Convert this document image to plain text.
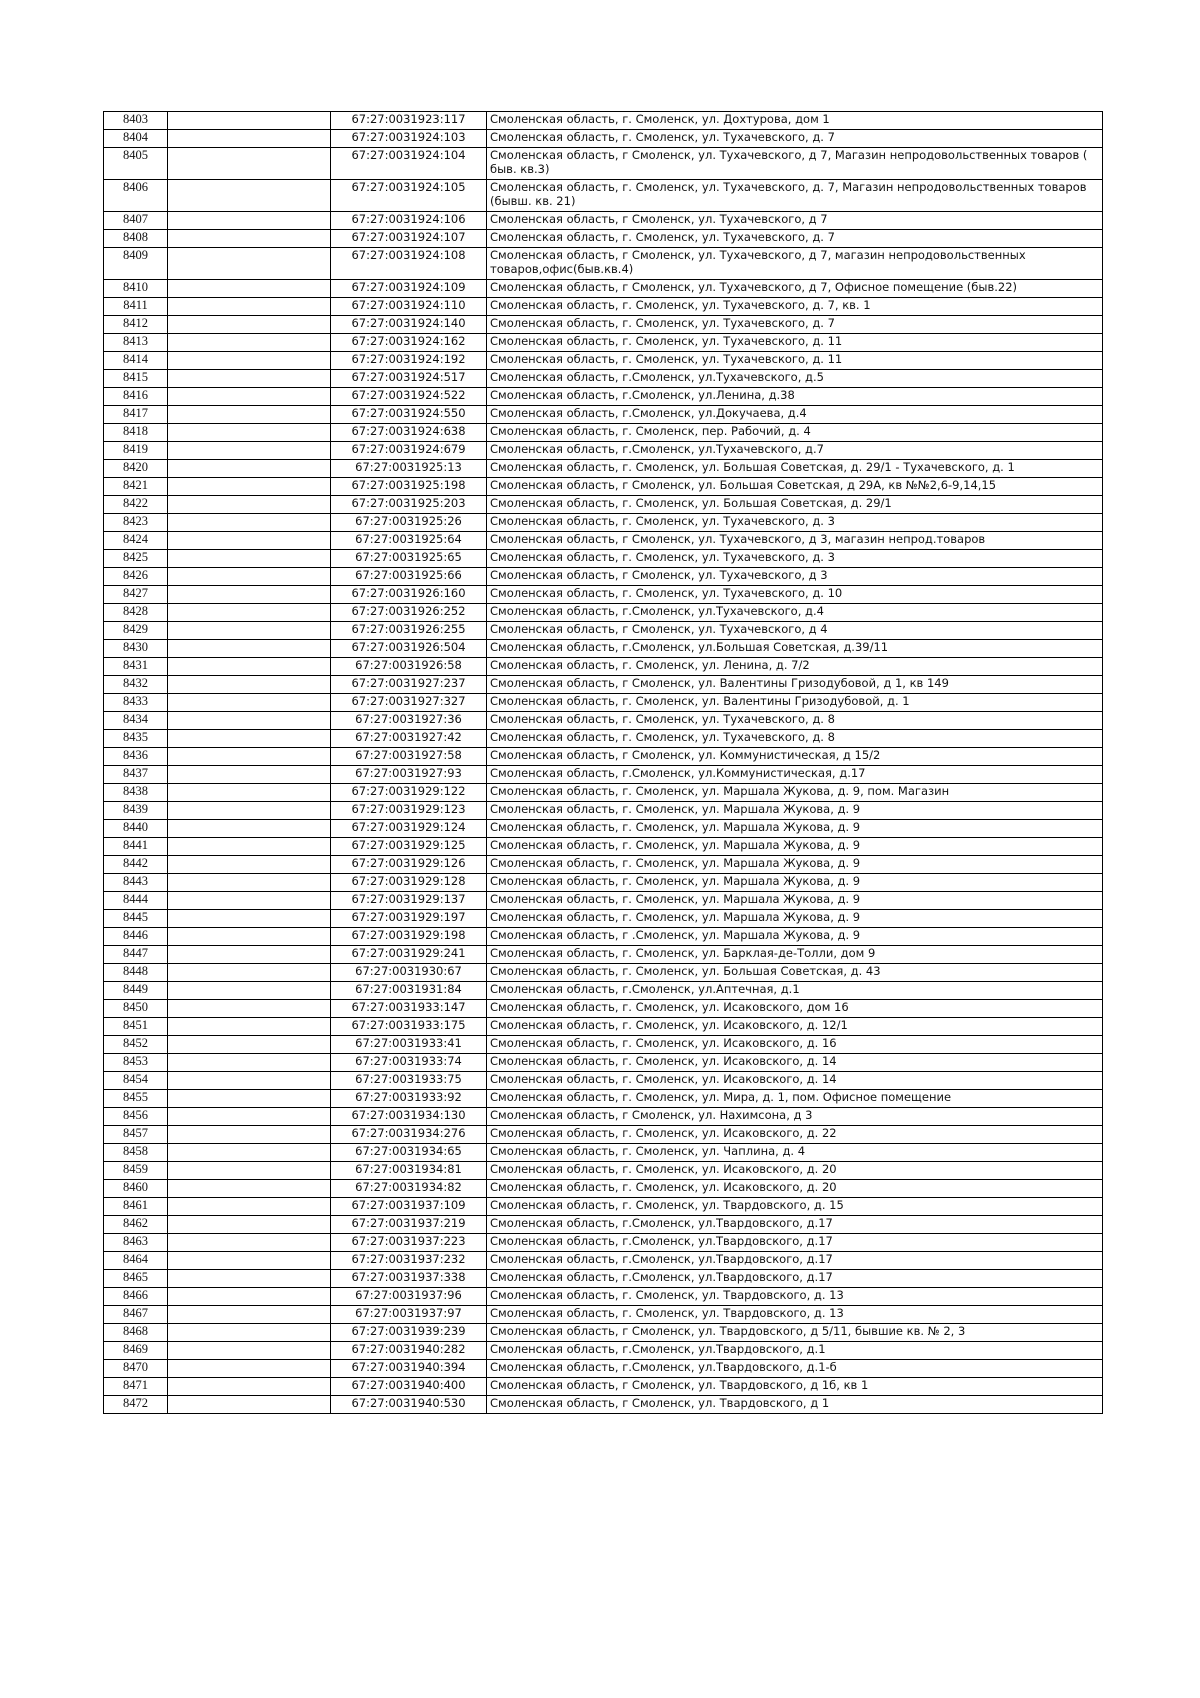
8403		67:27:0031923:117	Смоленская область, г. Смоленск, ул. Дохтурова, дом 1
8404		67:27:0031924:103	Смоленская область, г. Смоленск, ул. Тухачевского, д. 7
8405		67:27:0031924:104	Смоленская область, г Смоленск, ул. Тухачевского, д 7, Магазин непродовольственных товаров ( быв. кв.3)
8406		67:27:0031924:105	Смоленская область, г. Смоленск, ул. Тухачевского, д. 7, Магазин непродовольственных товаров (бывш. кв. 21)
8407		67:27:0031924:106	Смоленская область, г Смоленск, ул. Тухачевского, д 7
8408		67:27:0031924:107	Смоленская область, г. Смоленск, ул. Тухачевского, д. 7
8409		67:27:0031924:108	Смоленская область, г Смоленск, ул. Тухачевского, д 7, магазин непродовольственных товаров,офис(быв.кв.4)
8410		67:27:0031924:109	Смоленская область, г Смоленск, ул. Тухачевского, д 7, Офисное помещение (быв.22)
8411		67:27:0031924:110	Смоленская область, г. Смоленск, ул. Тухачевского, д. 7, кв. 1
8412		67:27:0031924:140	Смоленская область, г. Смоленск, ул. Тухачевского, д. 7
8413		67:27:0031924:162	Смоленская область, г. Смоленск, ул. Тухачевского, д. 11
8414		67:27:0031924:192	Смоленская область, г. Смоленск, ул. Тухачевского, д. 11
8415		67:27:0031924:517	Смоленская область, г.Смоленск, ул.Тухачевского, д.5
8416		67:27:0031924:522	Смоленская область, г.Смоленск, ул.Ленина, д.38
8417		67:27:0031924:550	Смоленская область, г.Смоленск, ул.Докучаева, д.4
8418		67:27:0031924:638	Смоленская область, г. Смоленск, пер. Рабочий, д. 4
8419		67:27:0031924:679	Смоленская область, г.Смоленск, ул.Тухачевского, д.7
8420		67:27:0031925:13	Смоленская область, г. Смоленск, ул. Большая Советская, д. 29/1 - Тухачевского, д. 1
8421		67:27:0031925:198	Смоленская область, г Смоленск, ул. Большая Советская, д 29А, кв №№2,6-9,14,15
8422		67:27:0031925:203	Смоленская область, г. Смоленск, ул. Большая Советская, д. 29/1
8423		67:27:0031925:26	Смоленская область, г. Смоленск, ул. Тухачевского, д. 3
8424		67:27:0031925:64	Смоленская область, г Смоленск, ул. Тухачевского, д 3, магазин непрод.товаров
8425		67:27:0031925:65	Смоленская область, г. Смоленск, ул. Тухачевского, д. 3
8426		67:27:0031925:66	Смоленская область, г Смоленск, ул. Тухачевского, д 3
8427		67:27:0031926:160	Смоленская область, г. Смоленск, ул. Тухачевского, д. 10
8428		67:27:0031926:252	Смоленская область, г.Смоленск, ул.Тухачевского, д.4
8429		67:27:0031926:255	Смоленская область, г Смоленск, ул. Тухачевского, д 4
8430		67:27:0031926:504	Смоленская область, г.Смоленск, ул.Большая Советская, д.39/11
8431		67:27:0031926:58	Смоленская область, г. Смоленск, ул. Ленина, д. 7/2
8432		67:27:0031927:237	Смоленская область, г Смоленск, ул. Валентины Гризодубовой, д 1, кв 149
8433		67:27:0031927:327	Смоленская область, г. Смоленск, ул. Валентины Гризодубовой, д. 1
8434		67:27:0031927:36	Смоленская область, г. Смоленск, ул. Тухачевского, д. 8
8435		67:27:0031927:42	Смоленская область, г. Смоленск, ул. Тухачевского, д. 8
8436		67:27:0031927:58	Смоленская область, г Смоленск, ул. Коммунистическая, д 15/2
8437		67:27:0031927:93	Смоленская область, г.Смоленск, ул.Коммунистическая, д.17
8438		67:27:0031929:122	Смоленская область, г. Смоленск, ул. Маршала Жукова, д. 9, пом. Магазин
8439		67:27:0031929:123	Смоленская область, г. Смоленск, ул. Маршала Жукова, д. 9
8440		67:27:0031929:124	Смоленская область, г. Смоленск, ул. Маршала Жукова, д. 9
8441		67:27:0031929:125	Смоленская область, г. Смоленск, ул. Маршала Жукова, д. 9
8442		67:27:0031929:126	Смоленская область, г. Смоленск, ул. Маршала Жукова, д. 9
8443		67:27:0031929:128	Смоленская область, г. Смоленск, ул. Маршала Жукова, д. 9
8444		67:27:0031929:137	Смоленская область, г. Смоленск, ул. Маршала Жукова, д. 9
8445		67:27:0031929:197	Смоленская область, г. Смоленск, ул. Маршала Жукова, д. 9
8446		67:27:0031929:198	Смоленская область, г .Смоленск, ул. Маршала Жукова, д. 9
8447		67:27:0031929:241	Смоленская область, г. Смоленск, ул. Барклая-де-Толли, дом 9
8448		67:27:0031930:67	Смоленская область, г. Смоленск, ул. Большая Советская, д. 43
8449		67:27:0031931:84	Смоленская область, г.Смоленск, ул.Аптечная, д.1
8450		67:27:0031933:147	Смоленская область, г. Смоленск, ул. Исаковского, дом 16
8451		67:27:0031933:175	Смоленская область, г. Смоленск, ул. Исаковского, д. 12/1
8452		67:27:0031933:41	Смоленская область, г. Смоленск, ул. Исаковского, д. 16
8453		67:27:0031933:74	Смоленская область, г. Смоленск, ул. Исаковского, д. 14
8454		67:27:0031933:75	Смоленская область, г. Смоленск, ул. Исаковского, д. 14
8455		67:27:0031933:92	Смоленская область, г. Смоленск, ул. Мира, д. 1, пом. Офисное помещение
8456		67:27:0031934:130	Смоленская область, г Смоленск, ул. Нахимсона, д 3
8457		67:27:0031934:276	Смоленская область, г. Смоленск, ул. Исаковского, д. 22
8458		67:27:0031934:65	Смоленская область, г. Смоленск, ул. Чаплина, д. 4
8459		67:27:0031934:81	Смоленская область, г. Смоленск, ул. Исаковского, д. 20
8460		67:27:0031934:82	Смоленская область, г. Смоленск, ул. Исаковского, д. 20
8461		67:27:0031937:109	Смоленская область, г. Смоленск, ул. Твардовского, д. 15
8462		67:27:0031937:219	Смоленская область, г.Смоленск, ул.Твардовского, д.17
8463		67:27:0031937:223	Смоленская область, г.Смоленск, ул.Твардовского, д.17
8464		67:27:0031937:232	Смоленская область, г.Смоленск, ул.Твардовского, д.17
8465		67:27:0031937:338	Смоленская область, г.Смоленск, ул.Твардовского, д.17
8466		67:27:0031937:96	Смоленская область, г. Смоленск, ул. Твардовского, д. 13
8467		67:27:0031937:97	Смоленская область, г. Смоленск, ул. Твардовского, д. 13
8468		67:27:0031939:239	Смоленская область, г Смоленск, ул. Твардовского, д 5/11, бывшие кв. № 2, 3
8469		67:27:0031940:282	Смоленская область, г.Смоленск, ул.Твардовского, д.1
8470		67:27:0031940:394	Смоленская область, г.Смоленск, ул.Твардовского, д.1-б
8471		67:27:0031940:400	Смоленская область, г Смоленск, ул. Твардовского, д 1б, кв 1
8472		67:27:0031940:530	Смоленская область, г Смоленск, ул. Твардовского, д 1
